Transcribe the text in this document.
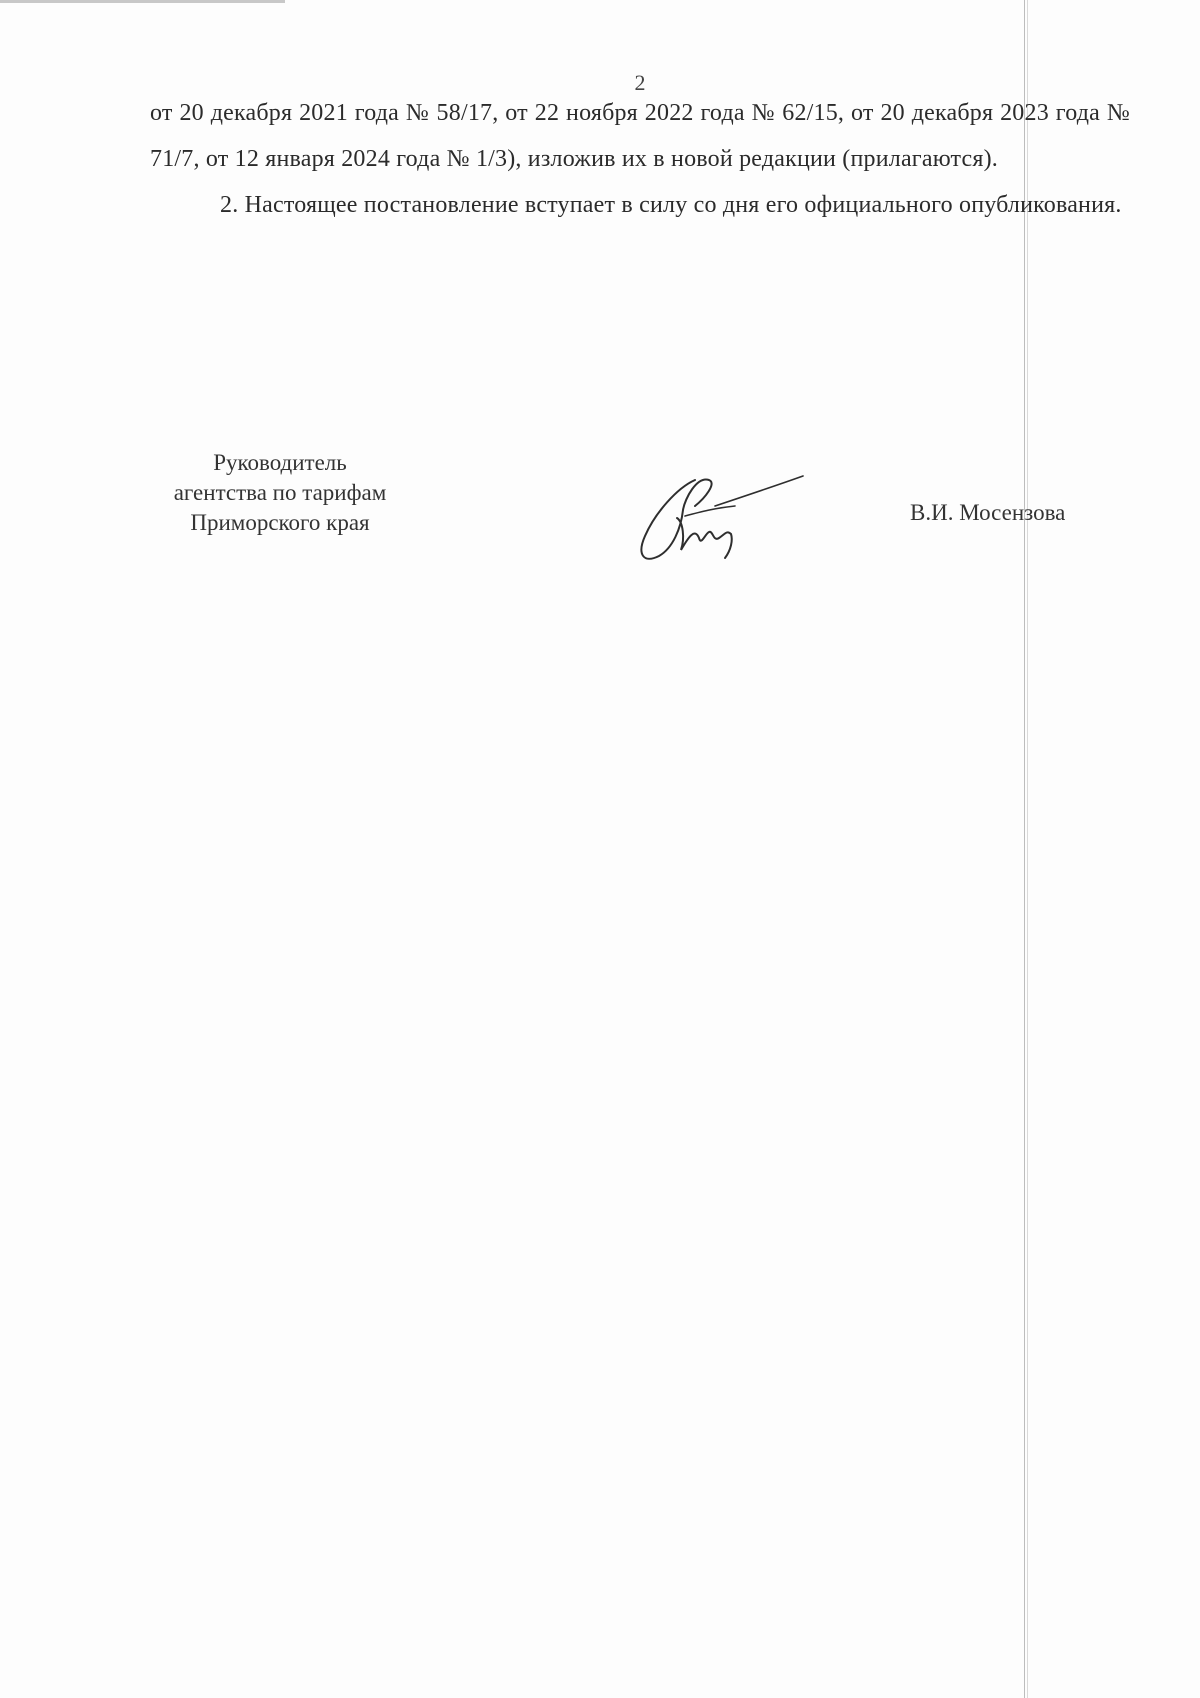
2

от 20 декабря 2021 года № 58/17, от 22 ноября 2022 года № 62/15, от 20 декабря 2023 года № 71/7, от 12 января 2024 года № 1/3), изложив их в новой редакции (прилагаются).

2. Настоящее постановление вступает в силу со дня его официального опубликования.

Руководитель
агентства по тарифам
Приморского края	В.И. Мосензова
